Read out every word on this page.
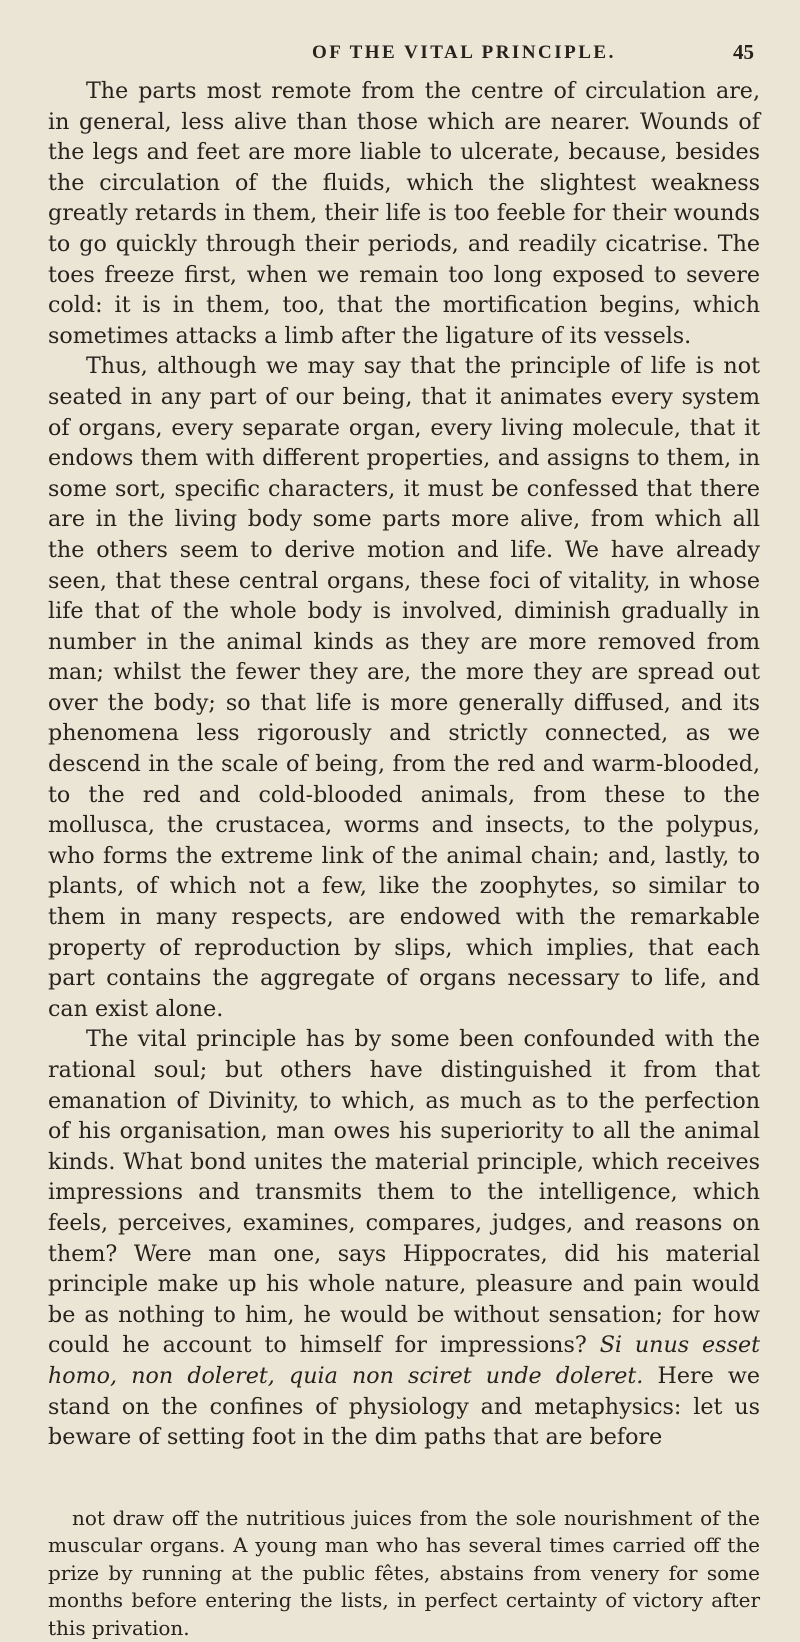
OF THE VITAL PRINCIPLE.	45

The parts most remote from the centre of circulation are, in general, less alive than those which are nearer. Wounds of the legs and feet are more liable to ulcerate, because, besides the circulation of the fluids, which the slightest weakness greatly retards in them, their life is too feeble for their wounds to go quickly through their periods, and readily cicatrise. The toes freeze first, when we remain too long exposed to severe cold: it is in them, too, that the mortification begins, which sometimes attacks a limb after the ligature of its vessels.

Thus, although we may say that the principle of life is not seated in any part of our being, that it animates every system of organs, every separate organ, every living molecule, that it endows them with different properties, and assigns to them, in some sort, specific characters, it must be confessed that there are in the living body some parts more alive, from which all the others seem to derive motion and life. We have already seen, that these central organs, these foci of vitality, in whose life that of the whole body is involved, diminish gradually in number in the animal kinds as they are more removed from man; whilst the fewer they are, the more they are spread out over the body; so that life is more generally diffused, and its phenomena less rigorously and strictly connected, as we descend in the scale of being, from the red and warm-blooded, to the red and cold-blooded animals, from these to the mollusca, the crustacea, worms and insects, to the polypus, who forms the extreme link of the animal chain; and, lastly, to plants, of which not a few, like the zoophytes, so similar to them in many respects, are endowed with the remarkable property of reproduction by slips, which implies, that each part contains the aggregate of organs necessary to life, and can exist alone.

The vital principle has by some been confounded with the rational soul; but others have distinguished it from that emanation of Divinity, to which, as much as to the perfection of his organisation, man owes his superiority to all the animal kinds. What bond unites the material principle, which receives impressions and transmits them to the intelligence, which feels, perceives, examines, compares, judges, and reasons on them? Were man one, says Hippocrates, did his material principle make up his whole nature, pleasure and pain would be as nothing to him, he would be without sensation; for how could he account to himself for impressions? Si unus esset homo, non doleret, quia non sciret unde doleret. Here we stand on the confines of physiology and metaphysics: let us beware of setting foot in the dim paths that are before

not draw off the nutritious juices from the sole nourishment of the muscular organs. A young man who has several times carried off the prize by running at the public fêtes, abstains from venery for some months before entering the lists, in perfect certainty of victory after this privation.
